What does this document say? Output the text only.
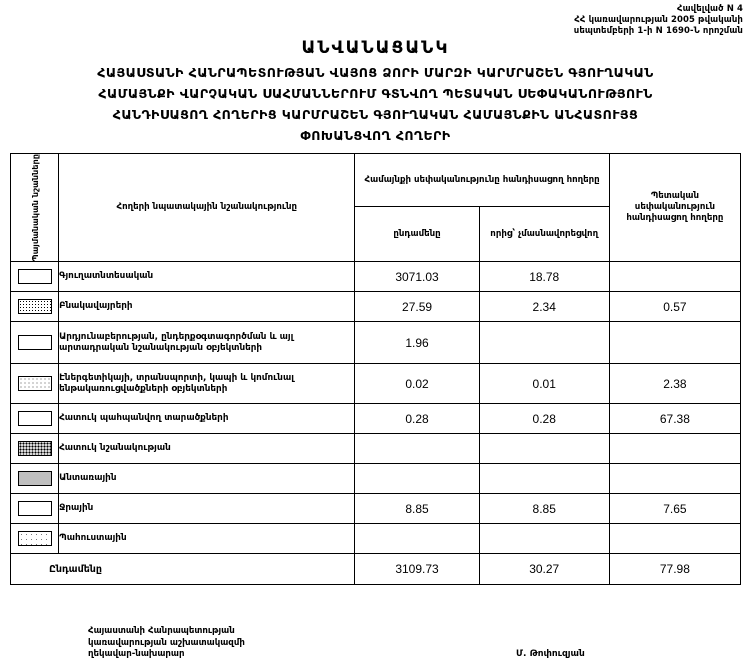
Հավելված N 4
ՀՀ կառավարության 2005 թվականի
սեպտեմբերի 1-ի N 1690-Ն որոշման
ԱՆՎԱՆԱՑԱՆԿ
ՀԱՅԱՍՏԱՆԻ ՀԱՆՐԱՊԵՏՈՒԹՅԱՆ ՎԱՅՈՑ ՁՈՐԻ ՄԱՐԶԻ ԿԱՐՄՐԱՇԵՆ ԳՅՈՒՂԱԿԱՆ
ՀԱՄԱՅՆՔԻ ՎԱՐՉԱԿԱՆ ՍԱՀՄԱՆՆԵՐՈՒՄ ԳՏՆՎՈՂ ՊԵՏԱԿԱՆ ՍԵՓԱԿԱՆՈՒԹՅՈՒՆ
ՀԱՆԴԻՍԱՑՈՂ ՀՈՂԵՐԻՑ ԿԱՐՄՐԱՇԵՆ ԳՅՈՒՂԱԿԱՆ ՀԱՄԱՅՆՔԻՆ ԱՆՀԱՏՈՒՅՑ
ՓՈԽԱՆՑՎՈՂ ՀՈՂԵՐԻ
Պայմանական նշանները	Հողերի նպատակային նշանակությունը	Համայնքի սեփականությունը հանդիսացող հողերը		Պետական սեփականություն հանդիսացող հողերը
		ընդամենը	որից՝ չմասնավորեցվող	

	Գյուղատնտեսական	3071.03	18.78	

	Բնակավայրերի	27.59	2.34	0.57

	Արդյունաբերության, ընդերքօգտագործման և այլ արտադրական նշանակության օբյեկտների	1.96		

	Էներգետիկայի, տրանսպորտի, կապի և կոմունալ ենթակառուցվածքների օբյեկտների	0.02	0.01	2.38

	Հատուկ պահպանվող տարածքների	0.28	0.28	67.38

	Հատուկ նշանակության			

	Անտառային			

	Ջրային	8.85	8.85	7.65

	Պահուստային			
Ընդամենը		3109.73	30.27	77.98
Հայաստանի Հանրապետության
կառավարության աշխատակազմի
ղեկավար-նախարար	Մ. Թոփուզյան
